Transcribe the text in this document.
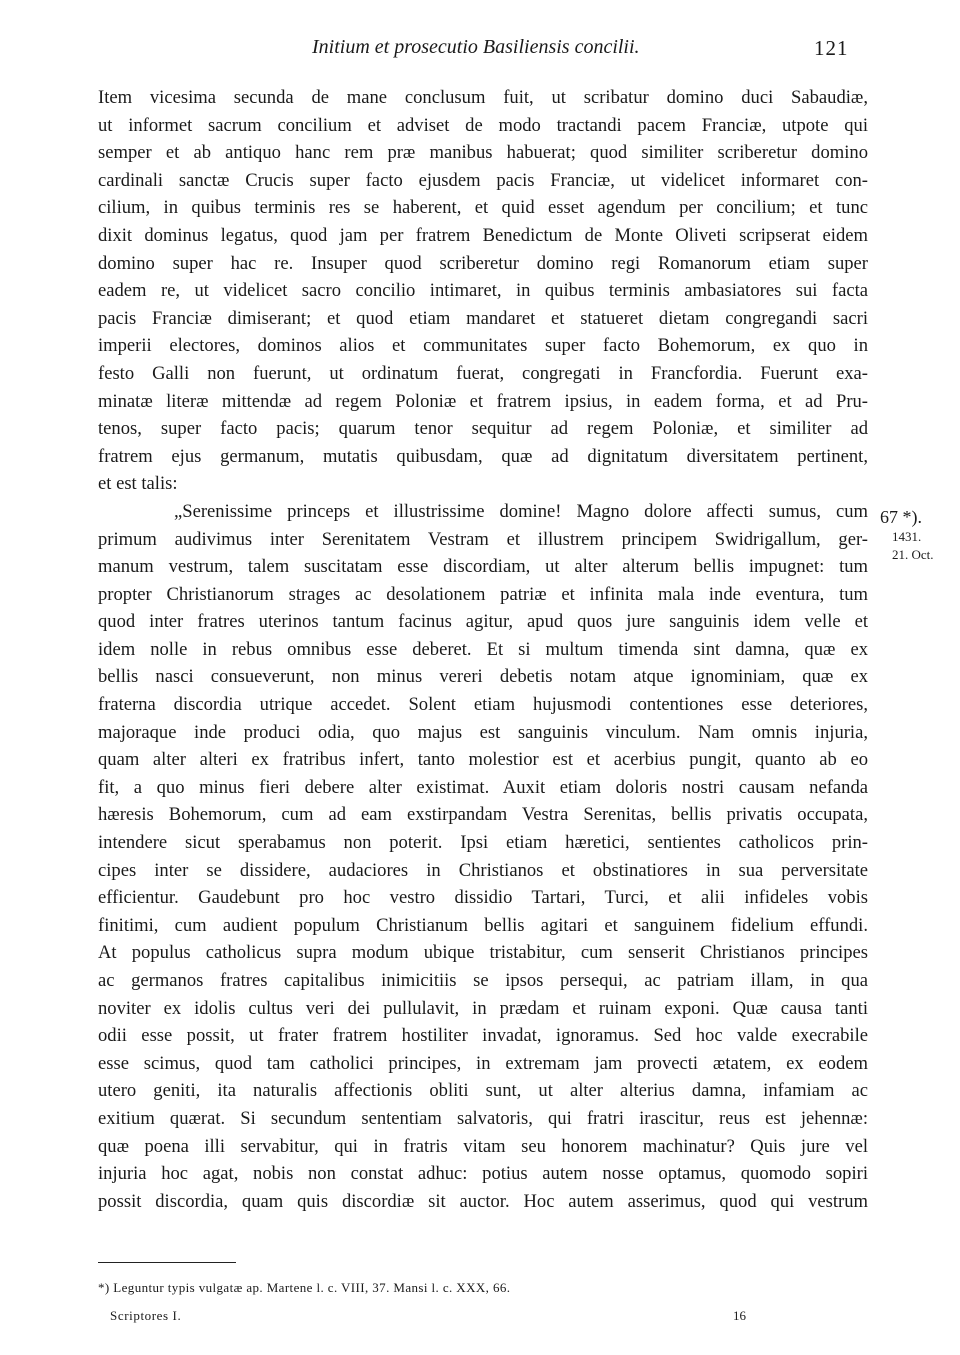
Initium et prosecutio Basiliensis concilii.	121
Item vicesima secunda de mane conclusum fuit, ut scribatur domino duci Sabaudiæ,
ut informet sacrum concilium et adviset de modo tractandi pacem Franciæ, utpote qui
semper et ab antiquo hanc rem præ manibus habuerat; quod similiter scriberetur domino
cardinali sanctæ Crucis super facto ejusdem pacis Franciæ, ut videlicet informaret con-
cilium, in quibus terminis res se haberent, et quid esset agendum per concilium; et tunc
dixit dominus legatus, quod jam per fratrem Benedictum de Monte Oliveti scripserat eidem
domino super hac re. Insuper quod scriberetur domino regi Romanorum etiam super
eadem re, ut videlicet sacro concilio intimaret, in quibus terminis ambasiatores sui facta
pacis Franciæ dimiserant; et quod etiam mandaret et statueret dietam congregandi sacri
imperii electores, dominos alios et communitates super facto Bohemorum, ex quo in
festo Galli non fuerunt, ut ordinatum fuerat, congregati in Francfordia. Fuerunt exa-
minatæ literæ mittendæ ad regem Poloniæ et fratrem ipsius, in eadem forma, et ad Pru-
tenos, super facto pacis; quarum tenor sequitur ad regem Poloniæ, et similiter ad
fratrem ejus germanum, mutatis quibusdam, quæ ad dignitatum diversitatem pertinent,
et est talis:
„Serenissime princeps et illustrissime domine! Magno dolore affecti sumus, cum
primum audivimus inter Serenitatem Vestram et illustrem principem Swidrigallum, ger-
manum vestrum, talem suscitatam esse discordiam, ut alter alterum bellis impugnet: tum
propter Christianorum strages ac desolationem patriæ et infinita mala inde eventura, tum
quod inter fratres uterinos tantum facinus agitur, apud quos jure sanguinis idem velle et
idem nolle in rebus omnibus esse deberet. Et si multum timenda sint damna, quæ ex
bellis nasci consueverunt, non minus vereri debetis notam atque ignominiam, quæ ex
fraterna discordia utrique accedet. Solent etiam hujusmodi contentiones esse deteriores,
majoraque inde produci odia, quo majus est sanguinis vinculum. Nam omnis injuria,
quam alter alteri ex fratribus infert, tanto molestior est et acerbius pungit, quanto ab eo
fit, a quo minus fieri debere alter existimat. Auxit etiam doloris nostri causam nefanda
hæresis Bohemorum, cum ad eam exstirpandam Vestra Serenitas, bellis privatis occupata,
intendere sicut sperabamus non poterit. Ipsi etiam hæretici, sentientes catholicos prin-
cipes inter se dissidere, audaciores in Christianos et obstinatiores in sua perversitate
efficientur. Gaudebunt pro hoc vestro dissidio Tartari, Turci, et alii infideles vobis
finitimi, cum audient populum Christianum bellis agitari et sanguinem fidelium effundi.
At populus catholicus supra modum ubique tristabitur, cum senserit Christianos principes
ac germanos fratres capitalibus inimicitiis se ipsos persequi, ac patriam illam, in qua
noviter ex idolis cultus veri dei pullulavit, in prædam et ruinam exponi. Quæ causa tanti
odii esse possit, ut frater fratrem hostiliter invadat, ignoramus. Sed hoc valde execrabile
esse scimus, quod tam catholici principes, in extremam jam provecti ætatem, ex eodem
utero geniti, ita naturalis affectionis obliti sunt, ut alter alterius damna, infamiam ac
exitium quærat. Si secundum sententiam salvatoris, qui fratri irascitur, reus est jehennæ:
quæ poena illi servabitur, qui in fratris vitam seu honorem machinatur? Quis jure vel
injuria hoc agat, nobis non constat adhuc: potius autem nosse optamus, quomodo sopiri
possit discordia, quam quis discordiæ sit auctor. Hoc autem asserimus, quod qui vestrum
67 *).
1431.
21. Oct.
*) Leguntur typis vulgatæ ap. Martene l. c. VIII, 37. Mansi l. c. XXX, 66.
Scriptores I.	16
